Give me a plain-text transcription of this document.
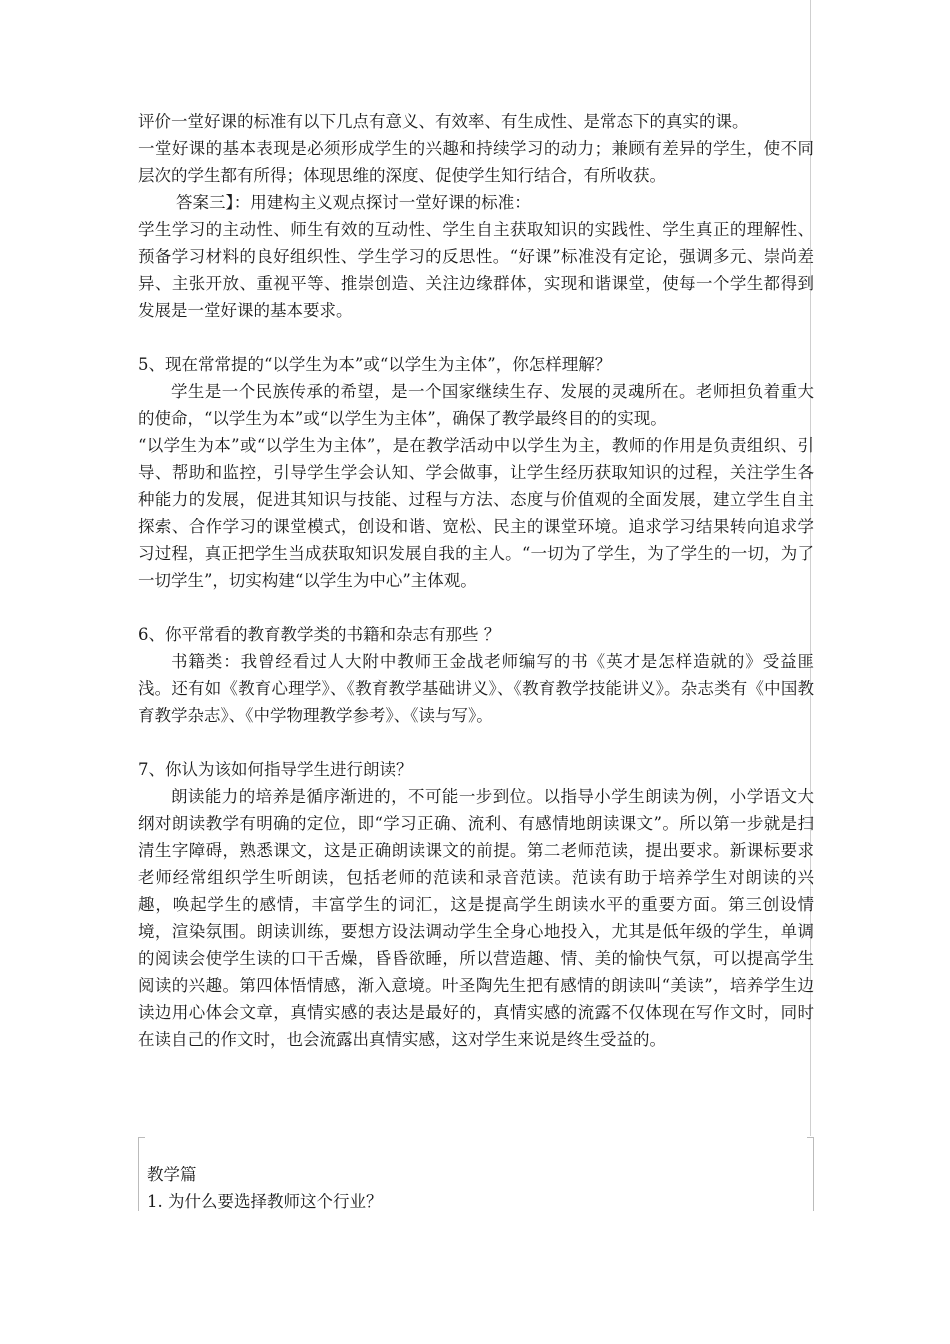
评价一堂好课的标准有以下几点有意义、有效率、有生成性、是常态下的真实的课。

一堂好课的基本表现是必须形成学生的兴趣和持续学习的动力；兼顾有差异的学生，使不同层次的学生都有所得；体现思维的深度、促使学生知行结合，有所收获。

答案三】：用建构主义观点探讨一堂好课的标准：

学生学习的主动性、师生有效的互动性、学生自主获取知识的实践性、学生真正的理解性、预备学习材料的良好组织性、学生学习的反思性。“好课”标准没有定论，强调多元、崇尚差异、主张开放、重视平等、推崇创造、关注边缘群体，实现和谐课堂，使每一个学生都得到发展是一堂好课的基本要求。

5、现在常常提的“以学生为本”或“以学生为主体”，你怎样理解？

学生是一个民族传承的希望，是一个国家继续生存、发展的灵魂所在。老师担负着重大的使命，“以学生为本”或“以学生为主体”，确保了教学最终目的的实现。

“以学生为本”或“以学生为主体”，是在教学活动中以学生为主，教师的作用是负责组织、引导、帮助和监控，引导学生学会认知、学会做事，让学生经历获取知识的过程，关注学生各种能力的发展，促进其知识与技能、过程与方法、态度与价值观的全面发展，建立学生自主探索、合作学习的课堂模式，创设和谐、宽松、民主的课堂环境。追求学习结果转向追求学习过程，真正把学生当成获取知识发展自我的主人。“一切为了学生，为了学生的一切，为了一切学生”，切实构建“以学生为中心”主体观。

6、你平常看的教育教学类的书籍和杂志有那些 ？

书籍类：我曾经看过人大附中教师王金战老师编写的书《英才是怎样造就的》受益匪浅。还有如《教育心理学》、《教育教学基础讲义》、《教育教学技能讲义》。杂志类有《中国教育教学杂志》、《中学物理教学参考》、《读与写》。

7、你认为该如何指导学生进行朗读？

朗读能力的培养是循序渐进的，不可能一步到位。以指导小学生朗读为例，小学语文大纲对朗读教学有明确的定位，即“学习正确、流利、有感情地朗读课文”。所以第一步就是扫清生字障碍，熟悉课文，这是正确朗读课文的前提。第二老师范读，提出要求。新课标要求老师经常组织学生听朗读，包括老师的范读和录音范读。范读有助于培养学生对朗读的兴趣，唤起学生的感情，丰富学生的词汇，这是提高学生朗读水平的重要方面。第三创设情境，渲染氛围。朗读训练，要想方设法调动学生全身心地投入，尤其是低年级的学生，单调的阅读会使学生读的口干舌燥，昏昏欲睡，所以营造趣、情、美的愉快气氛，可以提高学生阅读的兴趣。第四体悟情感，渐入意境。叶圣陶先生把有感情的朗读叫“美读”，培养学生边读边用心体会文章，真情实感的表达是最好的，真情实感的流露不仅体现在写作文时，同时在读自己的作文时，也会流露出真情实感，这对学生来说是终生受益的。

教学篇

1. 为什么要选择教师这个行业？
